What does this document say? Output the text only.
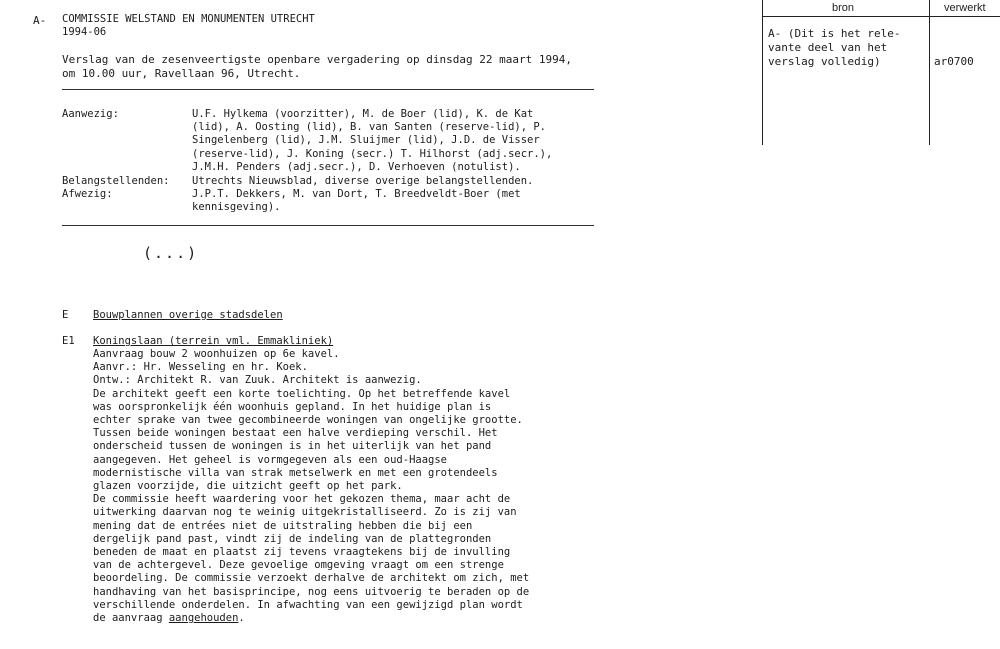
A- COMMISSIE WELSTAND EN MONUMENTEN UTRECHT
1994-06
Verslag van de zesenveertigste openbare vergadering op dinsdag 22 maart 1994,
om 10.00 uur, Ravellaan 96, Utrecht.
Aanwezig:	U.F. Hylkema (voorzitter), M. de Boer (lid), K. de Kat
(lid), A. Oosting (lid), B. van Santen (reserve-lid), P.
Singelenberg (lid), J.M. Sluijmer (lid), J.D. de Visser
(reserve-lid), J. Koning (secr.) T. Hilhorst (adj.secr.),
J.M.H. Penders (adj.secr.), D. Verhoeven (notulist).
Belangstellenden: Utrechts Nieuwsblad, diverse overige belangstellenden.
Afwezig:	J.P.T. Dekkers, M. van Dort, T. Breedveldt-Boer (met
kennisgeving).
(...)
E Bouwplannen overige stadsdelen
E1 Koningslaan (terrein vml. Emmakliniek)
Aanvraag bouw 2 woonhuizen op 6e kavel.
Aanvr.: Hr. Wesseling en hr. Koek.
Ontw.: Architekt R. van Zuuk. Architekt is aanwezig.
De architekt geeft een korte toelichting. Op het betreffende kavel
was oorspronkelijk één woonhuis gepland. In het huidige plan is
echter sprake van twee gecombineerde woningen van ongelijke grootte.
Tussen beide woningen bestaat een halve verdieping verschil. Het
onderscheid tussen de woningen is in het uiterlijk van het pand
aangegeven. Het geheel is vormgegeven als een oud-Haagse
modernistische villa van strak metselwerk en met een grotendeels
glazen voorzijde, die uitzicht geeft op het park.
De commissie heeft waardering voor het gekozen thema, maar acht de
uitwerking daarvan nog te weinig uitgekristalliseerd. Zo is zij van
mening dat de entrées niet de uitstraling hebben die bij een
dergelijk pand past, vindt zij de indeling van de plattegronden
beneden de maat en plaatst zij tevens vraagtekens bij de invulling
van de achtergevel. Deze gevoelige omgeving vraagt om een strenge
beoordeling. De commissie verzoekt derhalve de architekt om zich, met
handhaving van het basisprincipe, nog eens uitvoerig te beraden op de
verschillende onderdelen. In afwachting van een gewijzigd plan wordt
de aanvraag aangehouden.
bron	verwerkt
A- (Dit is het rele-
vante deel van het
verslag volledig)	ar0700
